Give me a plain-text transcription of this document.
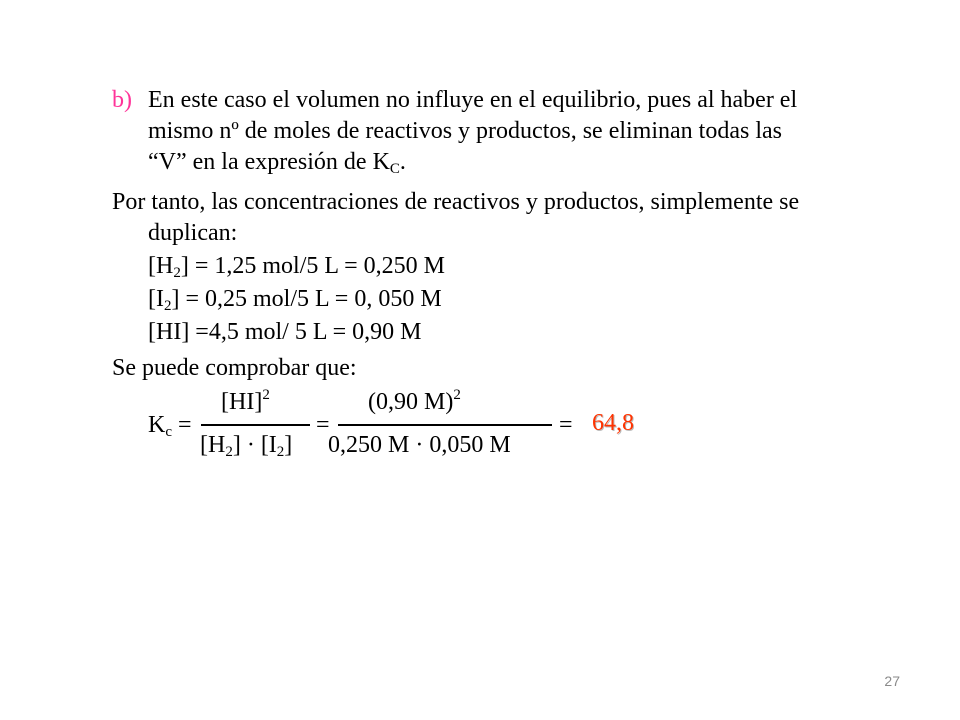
b) En este caso el volumen no influye en el equilibrio, pues al haber el
mismo nº de moles de reactivos y productos, se eliminan todas las
“V” en la expresión de $K_C$.
Por tanto, las concentraciones de reactivos y productos, simplemente se
duplican:
$[H_2] = 1,25$ mol/5 L = 0,250 M
$[I_2] = 0,25$ mol/5 L = 0, 050 M
[HI] =4,5 mol/ 5 L = 0,90 M
Se puede comprobar que:
$K_c$ =
[HI]$^2$
$[H_2] \cdot [I_2]$
=
(0,90 M)$^2$
0,250 M · 0,050 M
= 64,8
27
